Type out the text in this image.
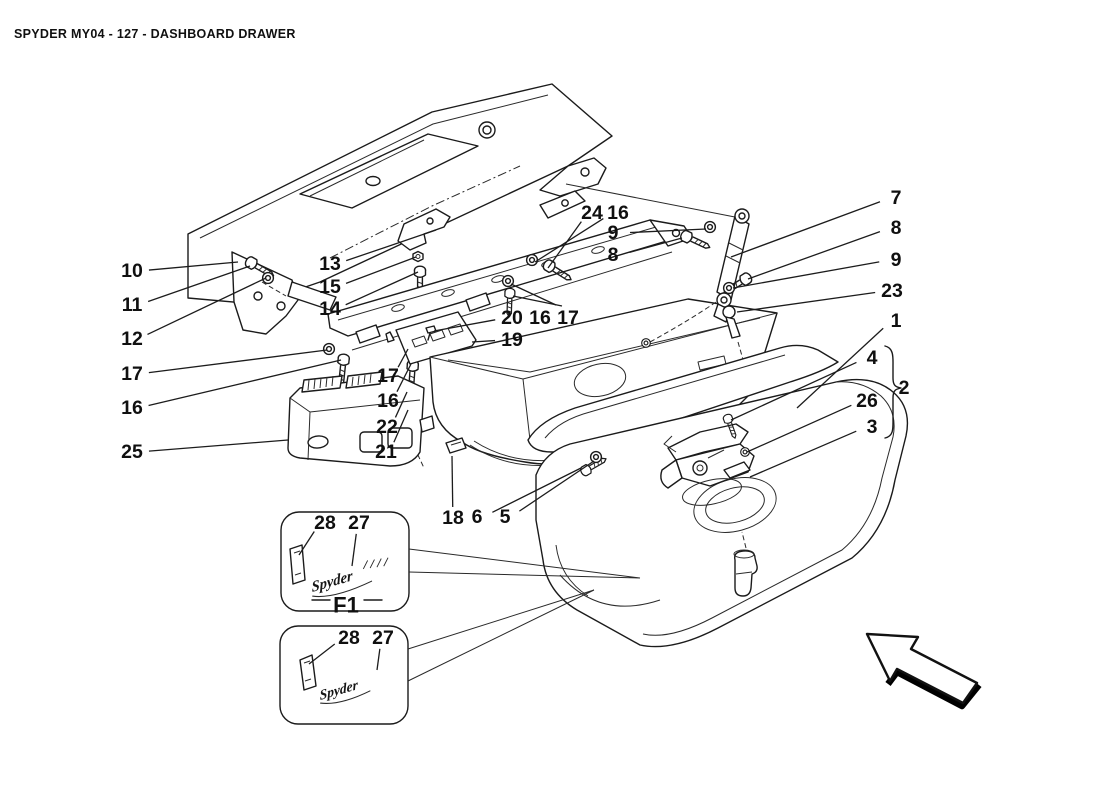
SPYDER MY04 - 127 - DASHBOARD DRAWER
Spyder
Spyder
10
11
12
17
16
25
13
15
14
24 16
9
8
7
8
9
23
1
4
26
3
2
20 16 17
19
17
16
22
21
18 6 5
28 27
F1
28 27
